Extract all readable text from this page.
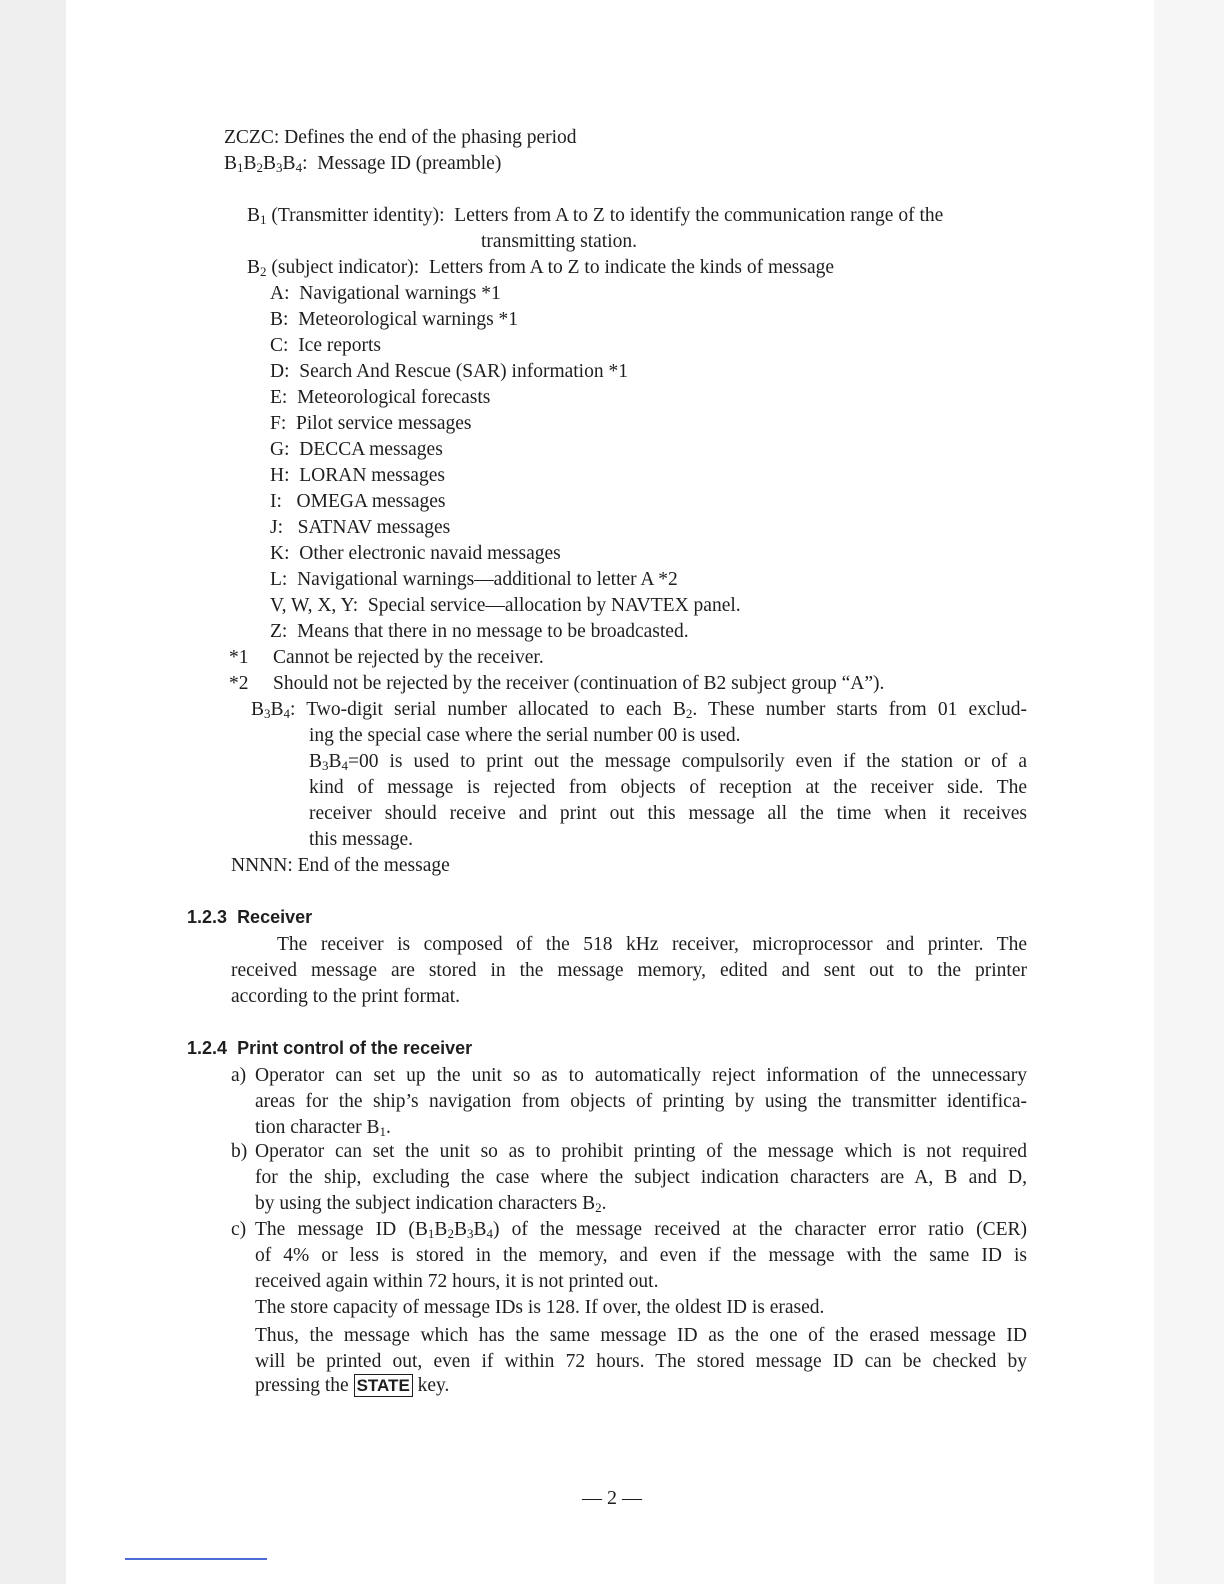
ZCZC: Defines the end of the phasing period
$B_1B_2B_3B_4$:  Message ID (preamble)
$B_1$ (Transmitter identity): Letters from A to Z to identify the communication range of the
transmitting station.
$B_2$ (subject indicator): Letters from A to Z to indicate the kinds of message
A: Navigational warnings *1
B: Meteorological warnings *1
C: Ice reports
D: Search And Rescue (SAR) information *1
E: Meteorological forecasts
F: Pilot service messages
G: DECCA messages
H: LORAN messages
I: OMEGA messages
J: SATNAV messages
K: Other electronic navaid messages
L: Navigational warnings—additional to letter A *2
V, W, X, Y: Special service—allocation by NAVTEX panel.
Z: Means that there in no message to be broadcasted.
*1 Cannot be rejected by the receiver.
*2 Should not be rejected by the receiver (continuation of B2 subject group “A”).
$B_3B_4$: Two-digit serial number allocated to each $B_2$. These number starts from 01 exclud-
ing the special case where the serial number 00 is used.
$B_3B_4=00$ is used to print out the message compulsorily even if the station or of a
kind of message is rejected from objects of reception at the receiver side. The
receiver should receive and print out this message all the time when it receives
this message.
NNNN: End of the message
1.2.3 Receiver
The receiver is composed of the 518 kHz receiver, microprocessor and printer. The
received message are stored in the message memory, edited and sent out to the printer
according to the print format.
1.2.4 Print control of the receiver
a) Operator can set up the unit so as to automatically reject information of the unnecessary
areas for the ship’s navigation from objects of printing by using the transmitter identifica-
tion character $B_1$.
b) Operator can set the unit so as to prohibit printing of the message which is not required
for the ship, excluding the case where the subject indication characters are A, B and D,
by using the subject indication characters $B_2$.
c) The message ID $(B_1B_2B_3B_4)$ of the message received at the character error ratio (CER)
of 4% or less is stored in the memory, and even if the message with the same ID is
received again within 72 hours, it is not printed out.
The store capacity of message IDs is 128. If over, the oldest ID is erased.
Thus, the message which has the same message ID as the one of the erased message ID
will be printed out, even if within 72 hours. The stored message ID can be checked by
pressing the STATE key.
— 2 —
